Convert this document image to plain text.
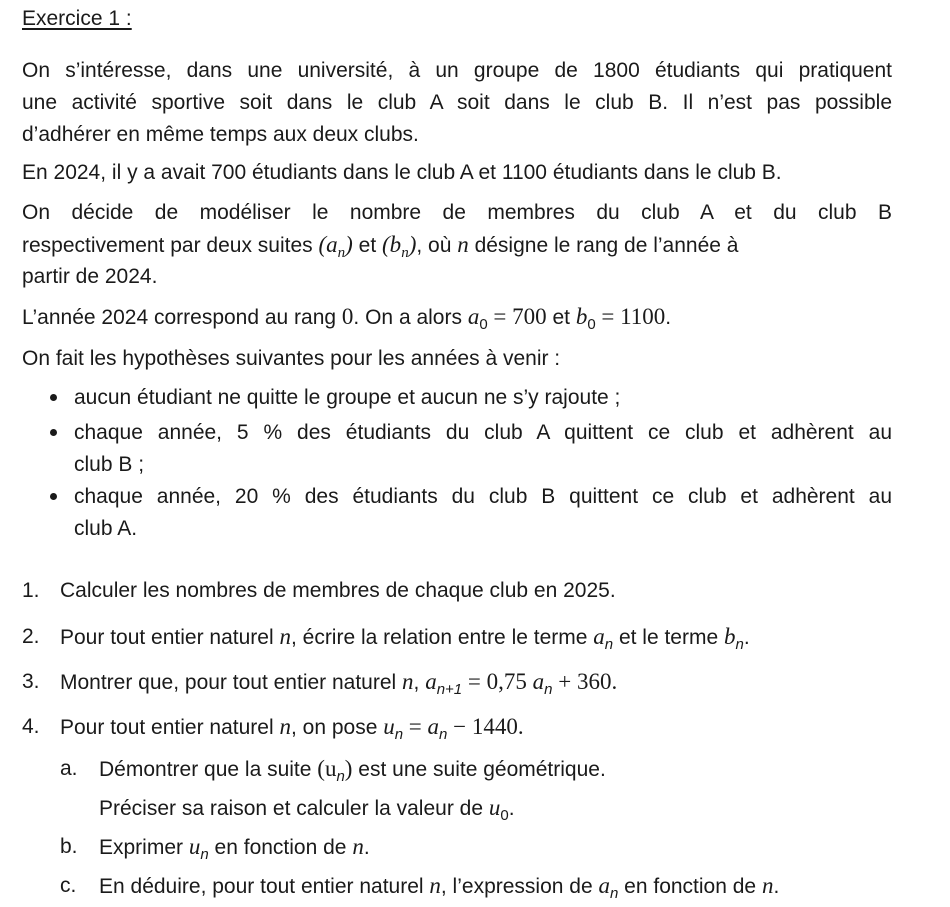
Exercice 1 :
On s’intéresse, dans une université, à un groupe de 1800 étudiants qui pratiquent
une activité sportive soit dans le club A soit dans le club B. Il n’est pas possible
d’adhérer en même temps aux deux clubs.
En 2024, il y a avait 700 étudiants dans le club A et 1100 étudiants dans le club B.
On décide de modéliser le nombre de membres du club A et du club B
respectivement par deux suites $(a_n)$ et $(b_n)$, où n désigne le rang de l’année à
partir de 2024.
L’année 2024 correspond au rang 0. On a alors $a_0 = 700$ et $b_0 = 1100$.
On fait les hypothèses suivantes pour les années à venir :
aucun étudiant ne quitte le groupe et aucun ne s’y rajoute ;
chaque année, 5 % des étudiants du club A quittent ce club et adhèrent au
club B ;
chaque année, 20 % des étudiants du club B quittent ce club et adhèrent au
club A.
1. Calculer les nombres de membres de chaque club en 2025.
2. Pour tout entier naturel n, écrire la relation entre le terme $a_n$ et le terme $b_n$.
3. Montrer que, pour tout entier naturel n, $a_{n+1} = 0,75$ $a_n + 360$.
4. Pour tout entier naturel n, on pose $u_n = a_n - 1440$.
a. Démontrer que la suite $(u_n)$ est une suite géométrique.
Préciser sa raison et calculer la valeur de $u_0$.
b. Exprimer $u_n$ en fonction de n.
c. En déduire, pour tout entier naturel n, l’expression de $a_n$ en fonction de n.
